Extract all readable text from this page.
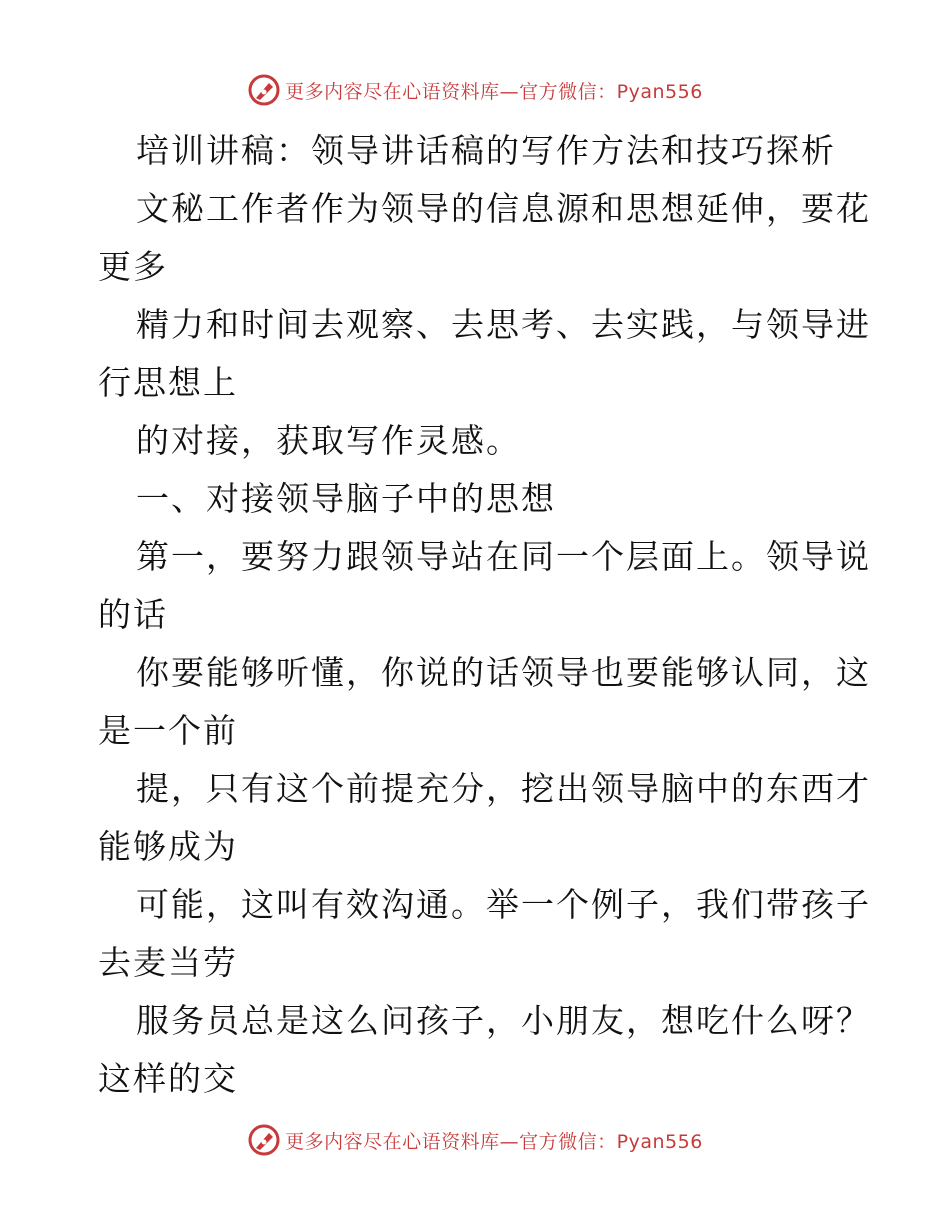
更多内容尽在心语资料库—官方微信：Pyan556

培训讲稿：领导讲话稿的写作方法和技巧探析

文秘工作者作为领导的信息源和思想延伸，要花
更多

精力和时间去观察、去思考、去实践，与领导进
行思想上

的对接，获取写作灵感。

一、对接领导脑子中的思想

第一，要努力跟领导站在同一个层面上。领导说
的话

你要能够听懂，你说的话领导也要能够认同，这
是一个前

提，只有这个前提充分，挖出领导脑中的东西才
能够成为

可能，这叫有效沟通。举一个例子，我们带孩子
去麦当劳

服务员总是这么问孩子，小朋友，想吃什么呀？
这样的交

更多内容尽在心语资料库—官方微信：Pyan556
